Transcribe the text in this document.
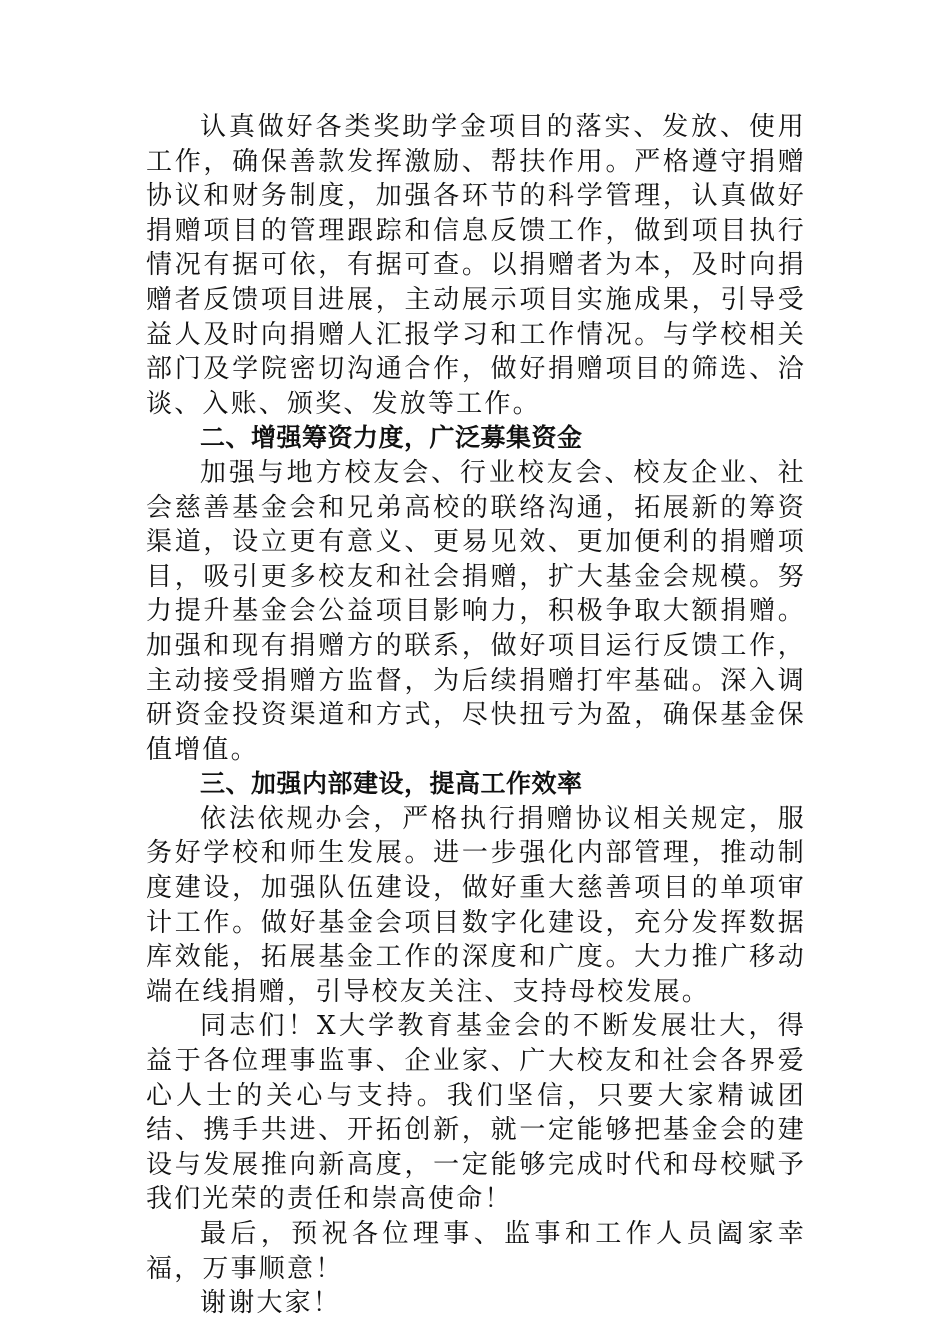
认真做好各类奖助学金项目的落实、发放、使用工作，确保善款发挥激励、帮扶作用。严格遵守捐赠协议和财务制度，加强各环节的科学管理，认真做好捐赠项目的管理跟踪和信息反馈工作，做到项目执行情况有据可依，有据可查。以捐赠者为本，及时向捐赠者反馈项目进展，主动展示项目实施成果，引导受益人及时向捐赠人汇报学习和工作情况。与学校相关部门及学院密切沟通合作，做好捐赠项目的筛选、洽谈、入账、颁奖、发放等工作。

二、增强筹资力度，广泛募集资金

加强与地方校友会、行业校友会、校友企业、社会慈善基金会和兄弟高校的联络沟通，拓展新的筹资渠道，设立更有意义、更易见效、更加便利的捐赠项目，吸引更多校友和社会捐赠，扩大基金会规模。努力提升基金会公益项目影响力，积极争取大额捐赠。加强和现有捐赠方的联系，做好项目运行反馈工作，主动接受捐赠方监督，为后续捐赠打牢基础。深入调研资金投资渠道和方式，尽快扭亏为盈，确保基金保值增值。

三、加强内部建设，提高工作效率

依法依规办会，严格执行捐赠协议相关规定，服务好学校和师生发展。进一步强化内部管理，推动制度建设，加强队伍建设，做好重大慈善项目的单项审计工作。做好基金会项目数字化建设，充分发挥数据库效能，拓展基金工作的深度和广度。大力推广移动端在线捐赠，引导校友关注、支持母校发展。

同志们！X大学教育基金会的不断发展壮大，得益于各位理事监事、企业家、广大校友和社会各界爱心人士的关心与支持。我们坚信，只要大家精诚团结、携手共进、开拓创新，就一定能够把基金会的建设与发展推向新高度，一定能够完成时代和母校赋予我们光荣的责任和崇高使命！

最后，预祝各位理事、监事和工作人员阖家幸福，万事顺意！

谢谢大家！
